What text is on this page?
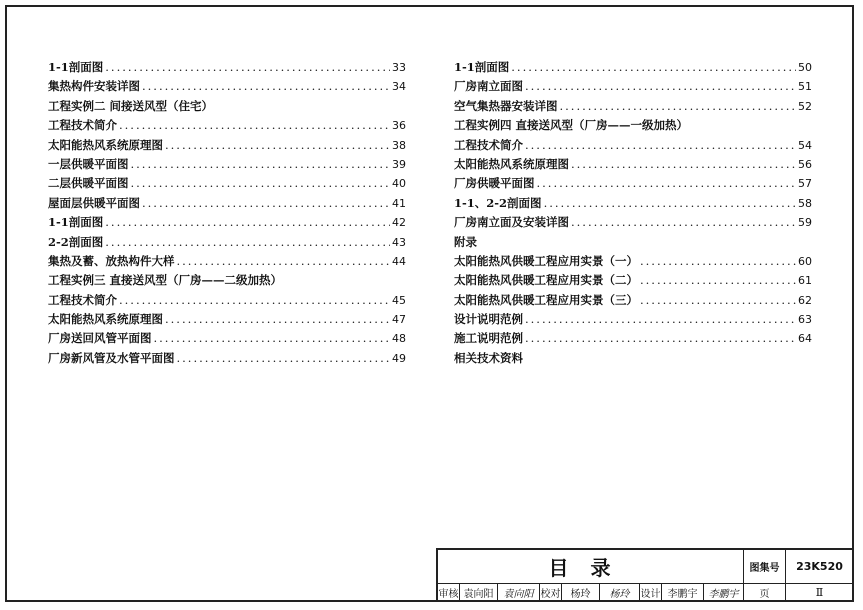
1-1剖面图 .....	33
集热构件安装详图 .....	34
工程实例二 间接送风型（住宅）
工程技术简介 .....	36
太阳能热风系统原理图 .....	38
一层供暖平面图 .....	39
二层供暖平面图 .....	40
屋面层供暖平面图 .....	41
1-1剖面图 .....	42
2-2剖面图 .....	43
集热及蓄、放热构件大样 .....	44
工程实例三 直接送风型（厂房——二级加热）
工程技术简介 .....	45
太阳能热风系统原理图 .....	47
厂房送回风管平面图 .....	48
厂房新风管及水管平面图 .....	49
1-1剖面图 .....	50
厂房南立面图 .....	51
空气集热器安装详图 .....	52
工程实例四 直接送风型（厂房——一级加热）
工程技术简介 .....	54
太阳能热风系统原理图 .....	56
厂房供暖平面图 .....	57
1-1、2-2剖面图 .....	58
厂房南立面及安装详图 .....	59
附录
太阳能热风供暖工程应用实景（一） .....	60
太阳能热风供暖工程应用实景（二） .....	61
太阳能热风供暖工程应用实景（三） .....	62
设计说明范例 .....	63
施工说明范例 .....	64
相关技术资料
目录	图集号	23K520
审核 袁向阳	袁向阳 校对	杨玲	杨玲	设计 李鹏宇	李鹏宇	页	Ⅱ
